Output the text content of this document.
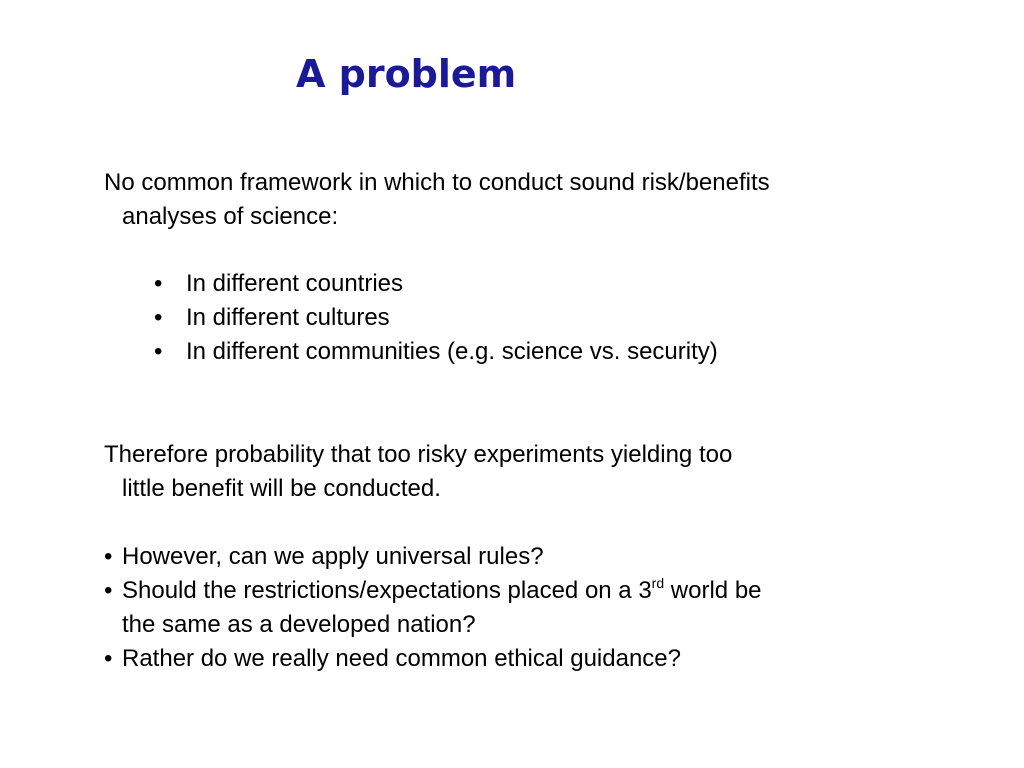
A problem
No common framework in which to conduct sound risk/benefits
analyses of science:
• In different countries
• In different cultures
• In different communities (e.g. science vs. security)
Therefore probability that too risky experiments yielding too
little benefit will be conducted.
• However, can we apply universal rules?
• Should the restrictions/expectations placed on a 3rd world be
the same as a developed nation?
• Rather do we really need common ethical guidance?
